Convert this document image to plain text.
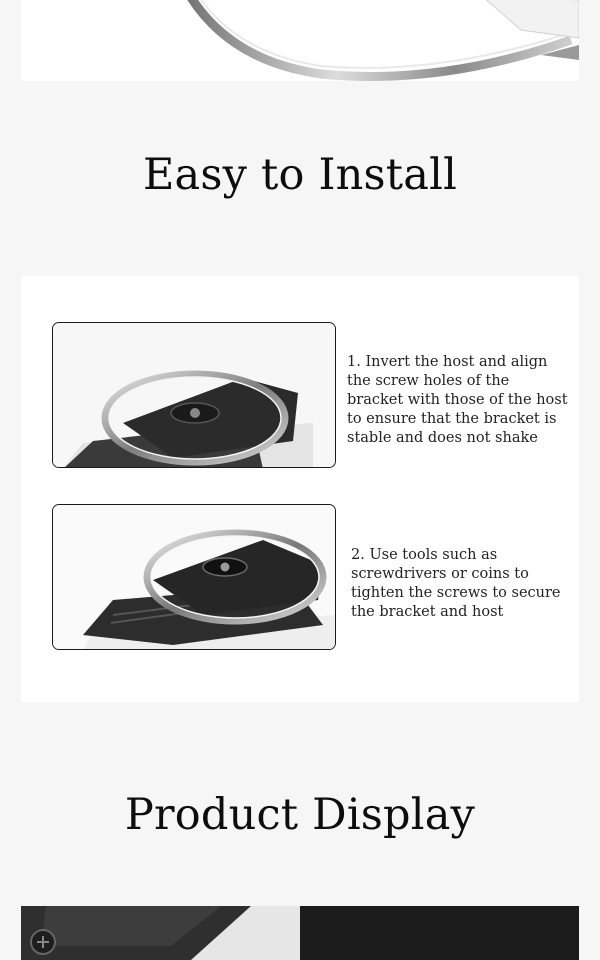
Easy to Install

1. Invert the host and align the screw holes of the bracket with those of the host to ensure that the bracket is stable and does not shake

2. Use tools such as screwdrivers or coins to tighten the screws to secure the bracket and host

Product Display
